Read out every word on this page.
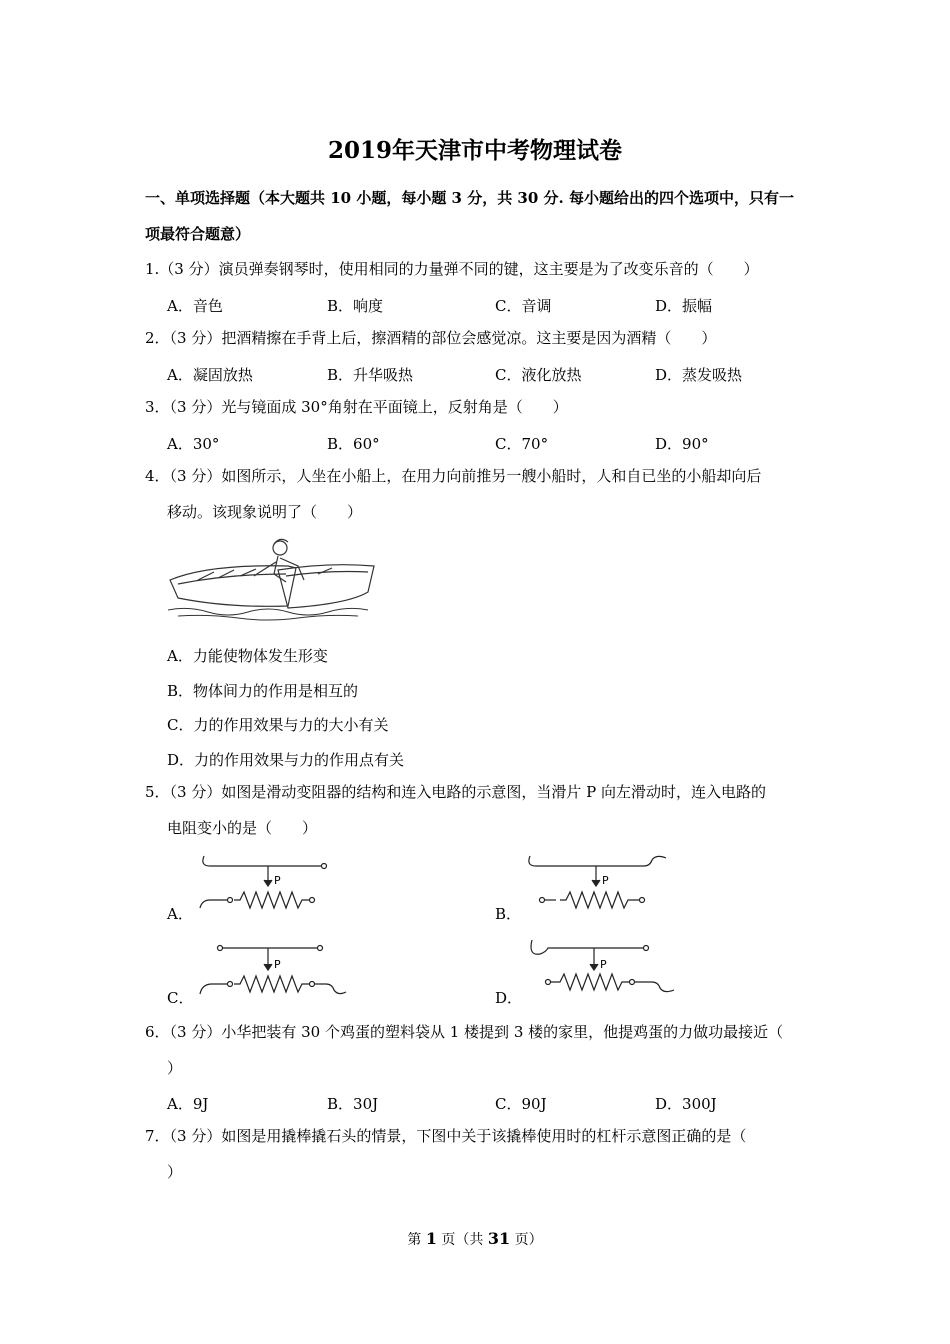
2019年天津市中考物理试卷
一、单项选择题（本大题共 10 小题，每小题 3 分，共 30 分. 每小题给出的四个选项中，只有一
项最符合题意）
1.（3 分）演员弹奏钢琴时，使用相同的力量弹不同的键，这主要是为了改变乐音的（　　）
A．音色	B．响度	C．音调	D．振幅
2．（3 分）把酒精擦在手背上后，擦酒精的部位会感觉凉。这主要是因为酒精（　　）
A．凝固放热	B．升华吸热	C．液化放热	D．蒸发吸热
3．（3 分）光与镜面成 30°角射在平面镜上，反射角是（　　）
A．30°	B．60°	C．70°	D．90°
4．（3 分）如图所示，人坐在小船上，在用力向前推另一艘小船时，人和自已坐的小船却向后
移动。该现象说明了（　　）
A．力能使物体发生形变
B．物体间力的作用是相互的
C．力的作用效果与力的大小有关
D．力的作用效果与力的作用点有关
5．（3 分）如图是滑动变阻器的结构和连入电路的示意图，当滑片 P 向左滑动时，连入电路的
电阻变小的是（　　）
A．
P
B．
P
C．
P
D．
P
6．（3 分）小华把装有 30 个鸡蛋的塑料袋从 1 楼提到 3 楼的家里，他提鸡蛋的力做功最接近（
）
A．9J	B．30J	C．90J	D．300J
7．（3 分）如图是用撬棒撬石头的情景，下图中关于该撬棒使用时的杠杆示意图正确的是（
）
第 1 页（共 31 页）
